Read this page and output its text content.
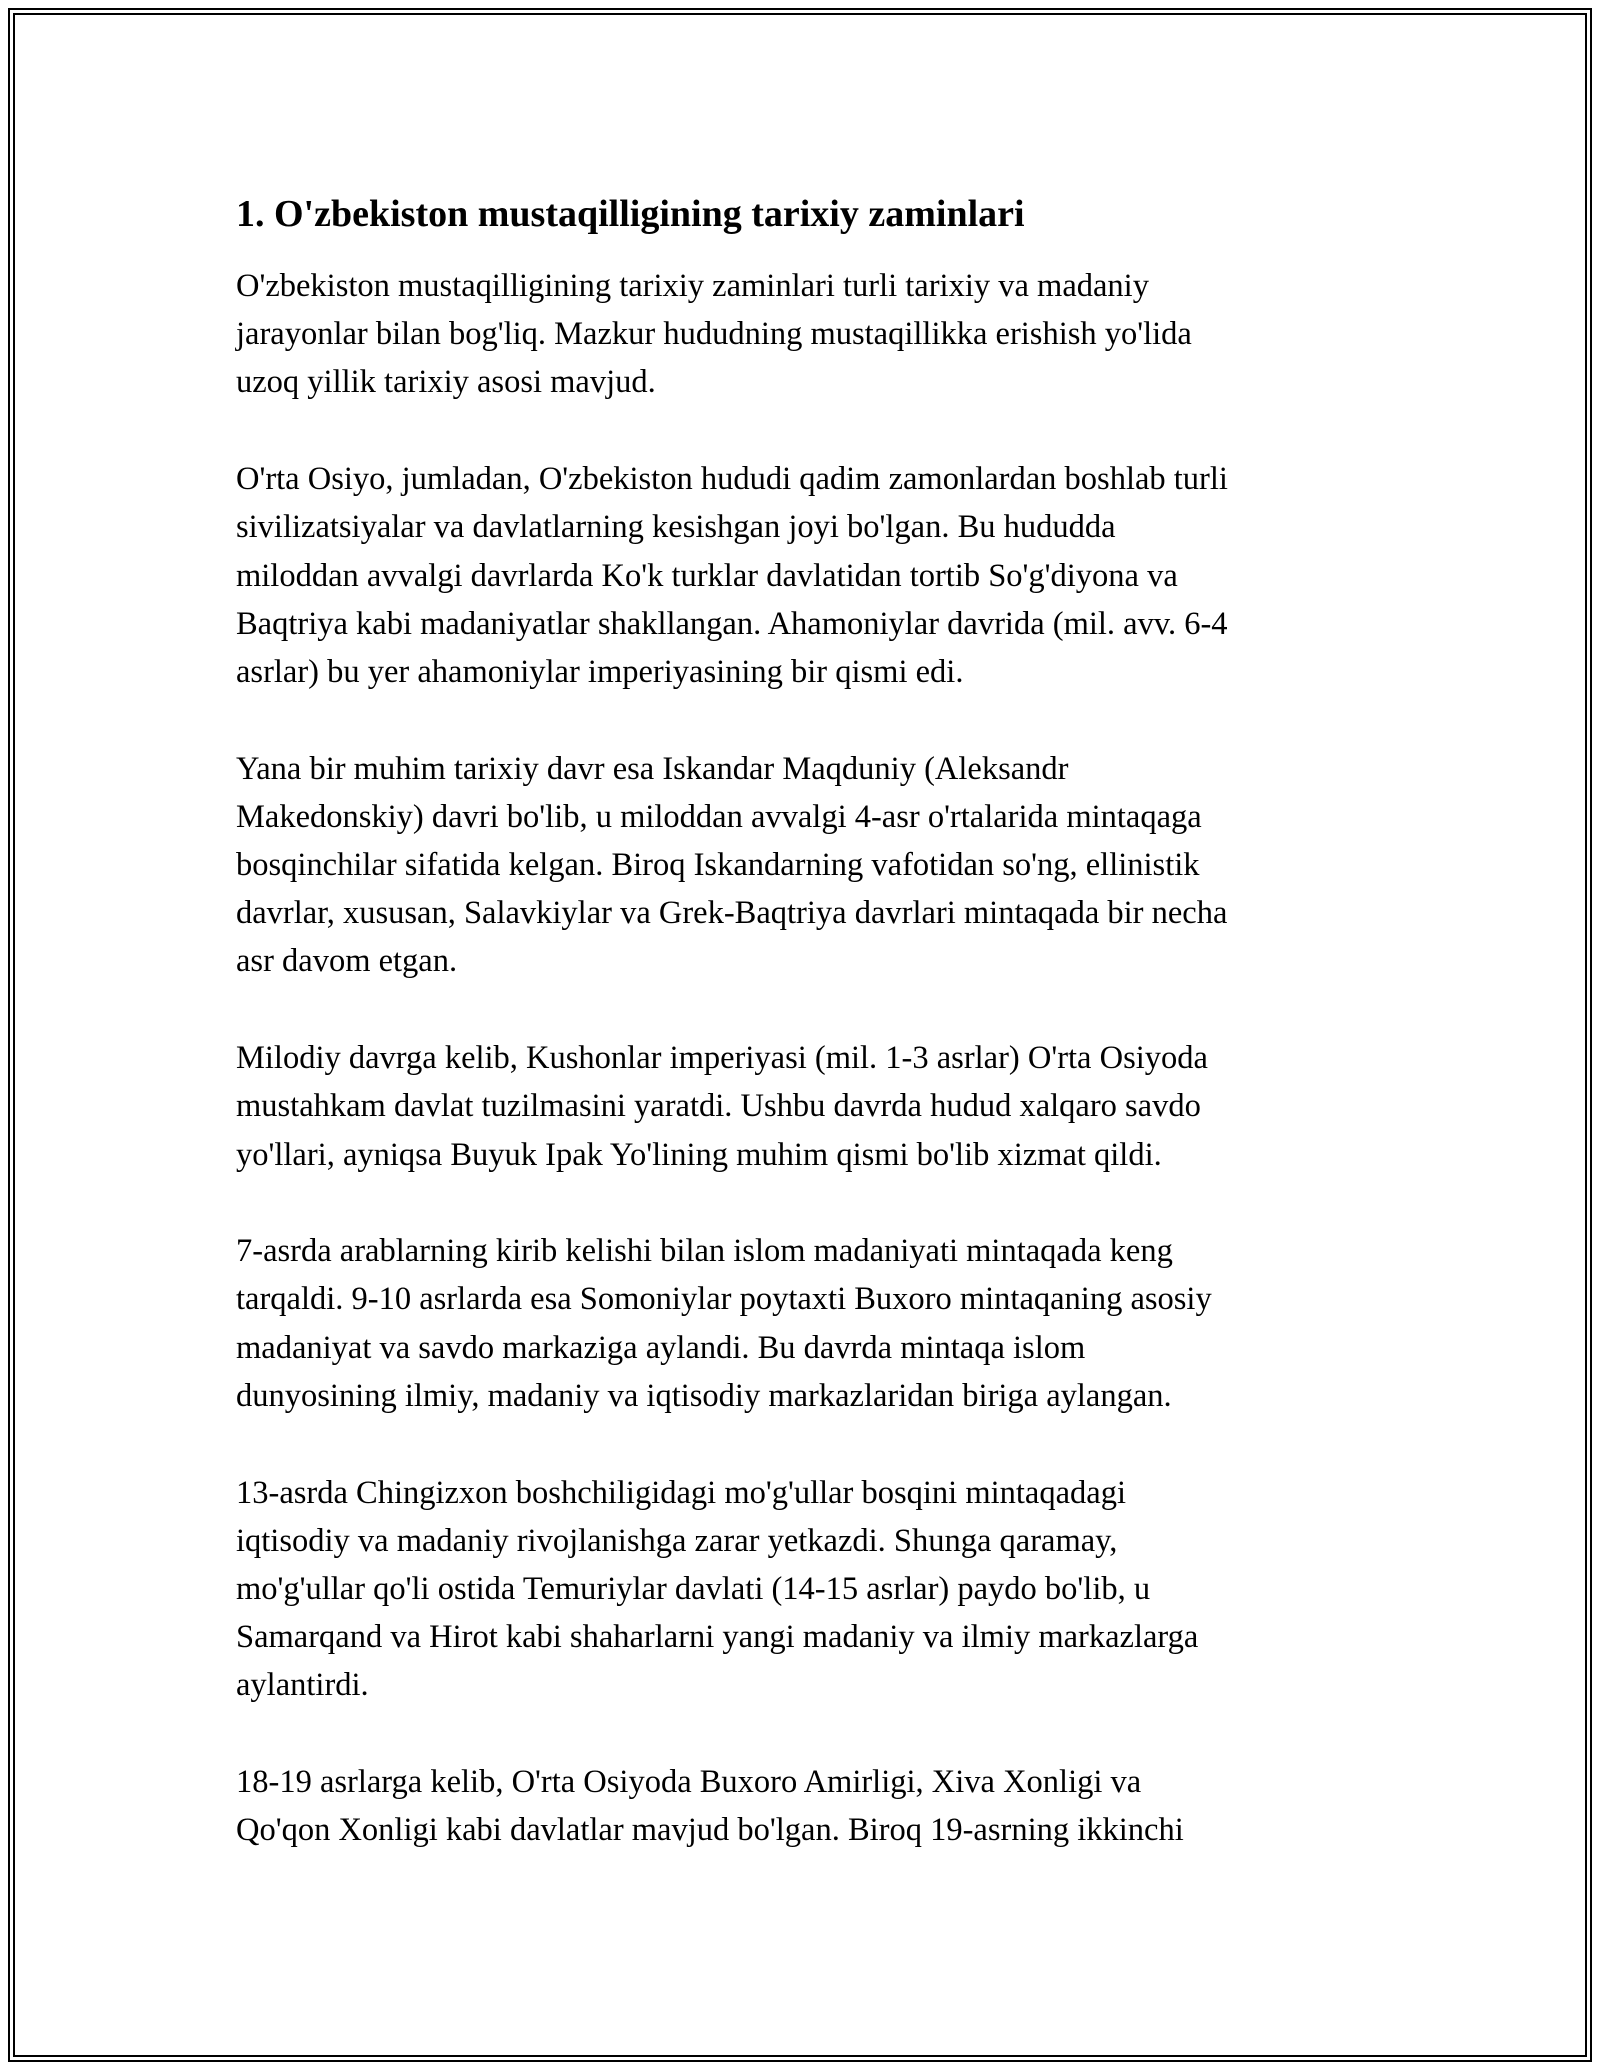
1. O'zbekiston mustaqilligining tarixiy zaminlari

O'zbekiston mustaqilligining tarixiy zaminlari turli tarixiy va madaniy
jarayonlar bilan bog'liq. Mazkur hududning mustaqillikka erishish yo'lida
uzoq yillik tarixiy asosi mavjud.

O'rta Osiyo, jumladan, O'zbekiston hududi qadim zamonlardan boshlab turli
sivilizatsiyalar va davlatlarning kesishgan joyi bo'lgan. Bu hududda
miloddan avvalgi davrlarda Ko'k turklar davlatidan tortib So'g'diyona va
Baqtriya kabi madaniyatlar shakllangan. Ahamoniylar davrida (mil. avv. 6-4
asrlar) bu yer ahamoniylar imperiyasining bir qismi edi.

Yana bir muhim tarixiy davr esa Iskandar Maqduniy (Aleksandr
Makedonskiy) davri bo'lib, u miloddan avvalgi 4-asr o'rtalarida mintaqaga
bosqinchilar sifatida kelgan. Biroq Iskandarning vafotidan so'ng, ellinistik
davrlar, xususan, Salavkiylar va Grek-Baqtriya davrlari mintaqada bir necha
asr davom etgan.

Milodiy davrga kelib, Kushonlar imperiyasi (mil. 1-3 asrlar) O'rta Osiyoda
mustahkam davlat tuzilmasini yaratdi. Ushbu davrda hudud xalqaro savdo
yo'llari, ayniqsa Buyuk Ipak Yo'lining muhim qismi bo'lib xizmat qildi.

7-asrda arablarning kirib kelishi bilan islom madaniyati mintaqada keng
tarqaldi. 9-10 asrlarda esa Somoniylar poytaxti Buxoro mintaqaning asosiy
madaniyat va savdo markaziga aylandi. Bu davrda mintaqa islom
dunyosining ilmiy, madaniy va iqtisodiy markazlaridan biriga aylangan.

13-asrda Chingizxon boshchiligidagi mo'g'ullar bosqini mintaqadagi
iqtisodiy va madaniy rivojlanishga zarar yetkazdi. Shunga qaramay,
mo'g'ullar qo'li ostida Temuriylar davlati (14-15 asrlar) paydo bo'lib, u
Samarqand va Hirot kabi shaharlarni yangi madaniy va ilmiy markazlarga
aylantirdi.

18-19 asrlarga kelib, O'rta Osiyoda Buxoro Amirligi, Xiva Xonligi va
Qo'qon Xonligi kabi davlatlar mavjud bo'lgan. Biroq 19-asrning ikkinchi
